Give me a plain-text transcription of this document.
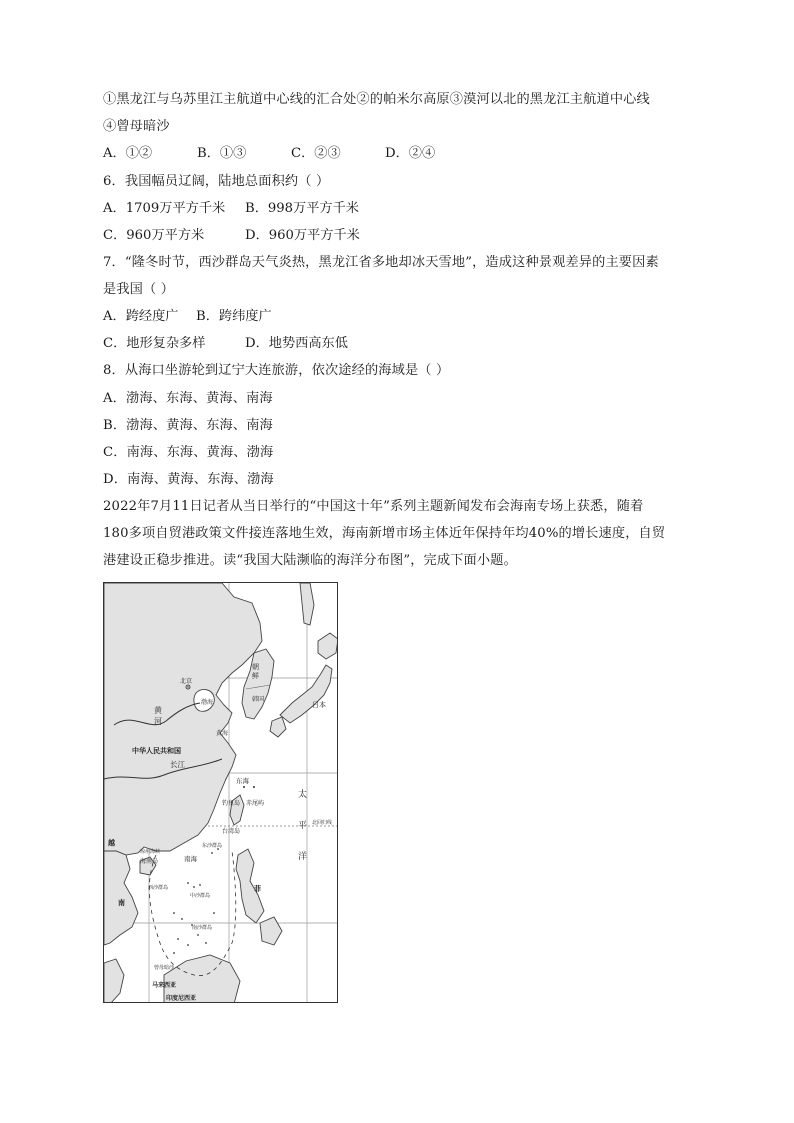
①黑龙江与乌苏里江主航道中心线的汇合处②的帕米尔高原③漠河以北的黑龙江主航道中心线
④曾母暗沙
A．①②	B．①③	C．②③	D．②④
6．我国幅员辽阔，陆地总面积约（ ）
A．1709万平方千米 B．998万平方千米
C．960万平方米	D．960万平方千米
7．“隆冬时节，西沙群岛天气炎热，黑龙江省多地却冰天雪地”，造成这种景观差异的主要因素
是我国（ ）
A．跨经度广 B．跨纬度广
C．地形复杂多样	D．地势西高东低
8．从海口坐游轮到辽宁大连旅游，依次途经的海域是（ ）
A．渤海、东海、黄海、南海
B．渤海、黄海、东海、南海
C．南海、东海、黄海、渤海
D．南海、黄海、东海、渤海
2022年7月11日记者从当日举行的“中国这十年”系列主题新闻发布会海南专场上获悉，随着
180多项自贸港政策文件接连落地生效，海南新增市场主体近年保持年均40%的增长速度，自贸
港建设正稳步推进。读“我国大陆濒临的海洋分布图”，完成下面小题。
北京
朝
鲜
黄
河
渤海	韩国
日本
黄海
中华人民共和国
长江
东海
钓鱼岛 赤尾屿
太
平
洋
台湾岛
北回归线
琼州海峡
东沙群岛
海南岛	南海
西沙群岛
中沙群岛
南沙群岛
曾母暗沙
马来西亚
印度尼西亚
越
南
菲
